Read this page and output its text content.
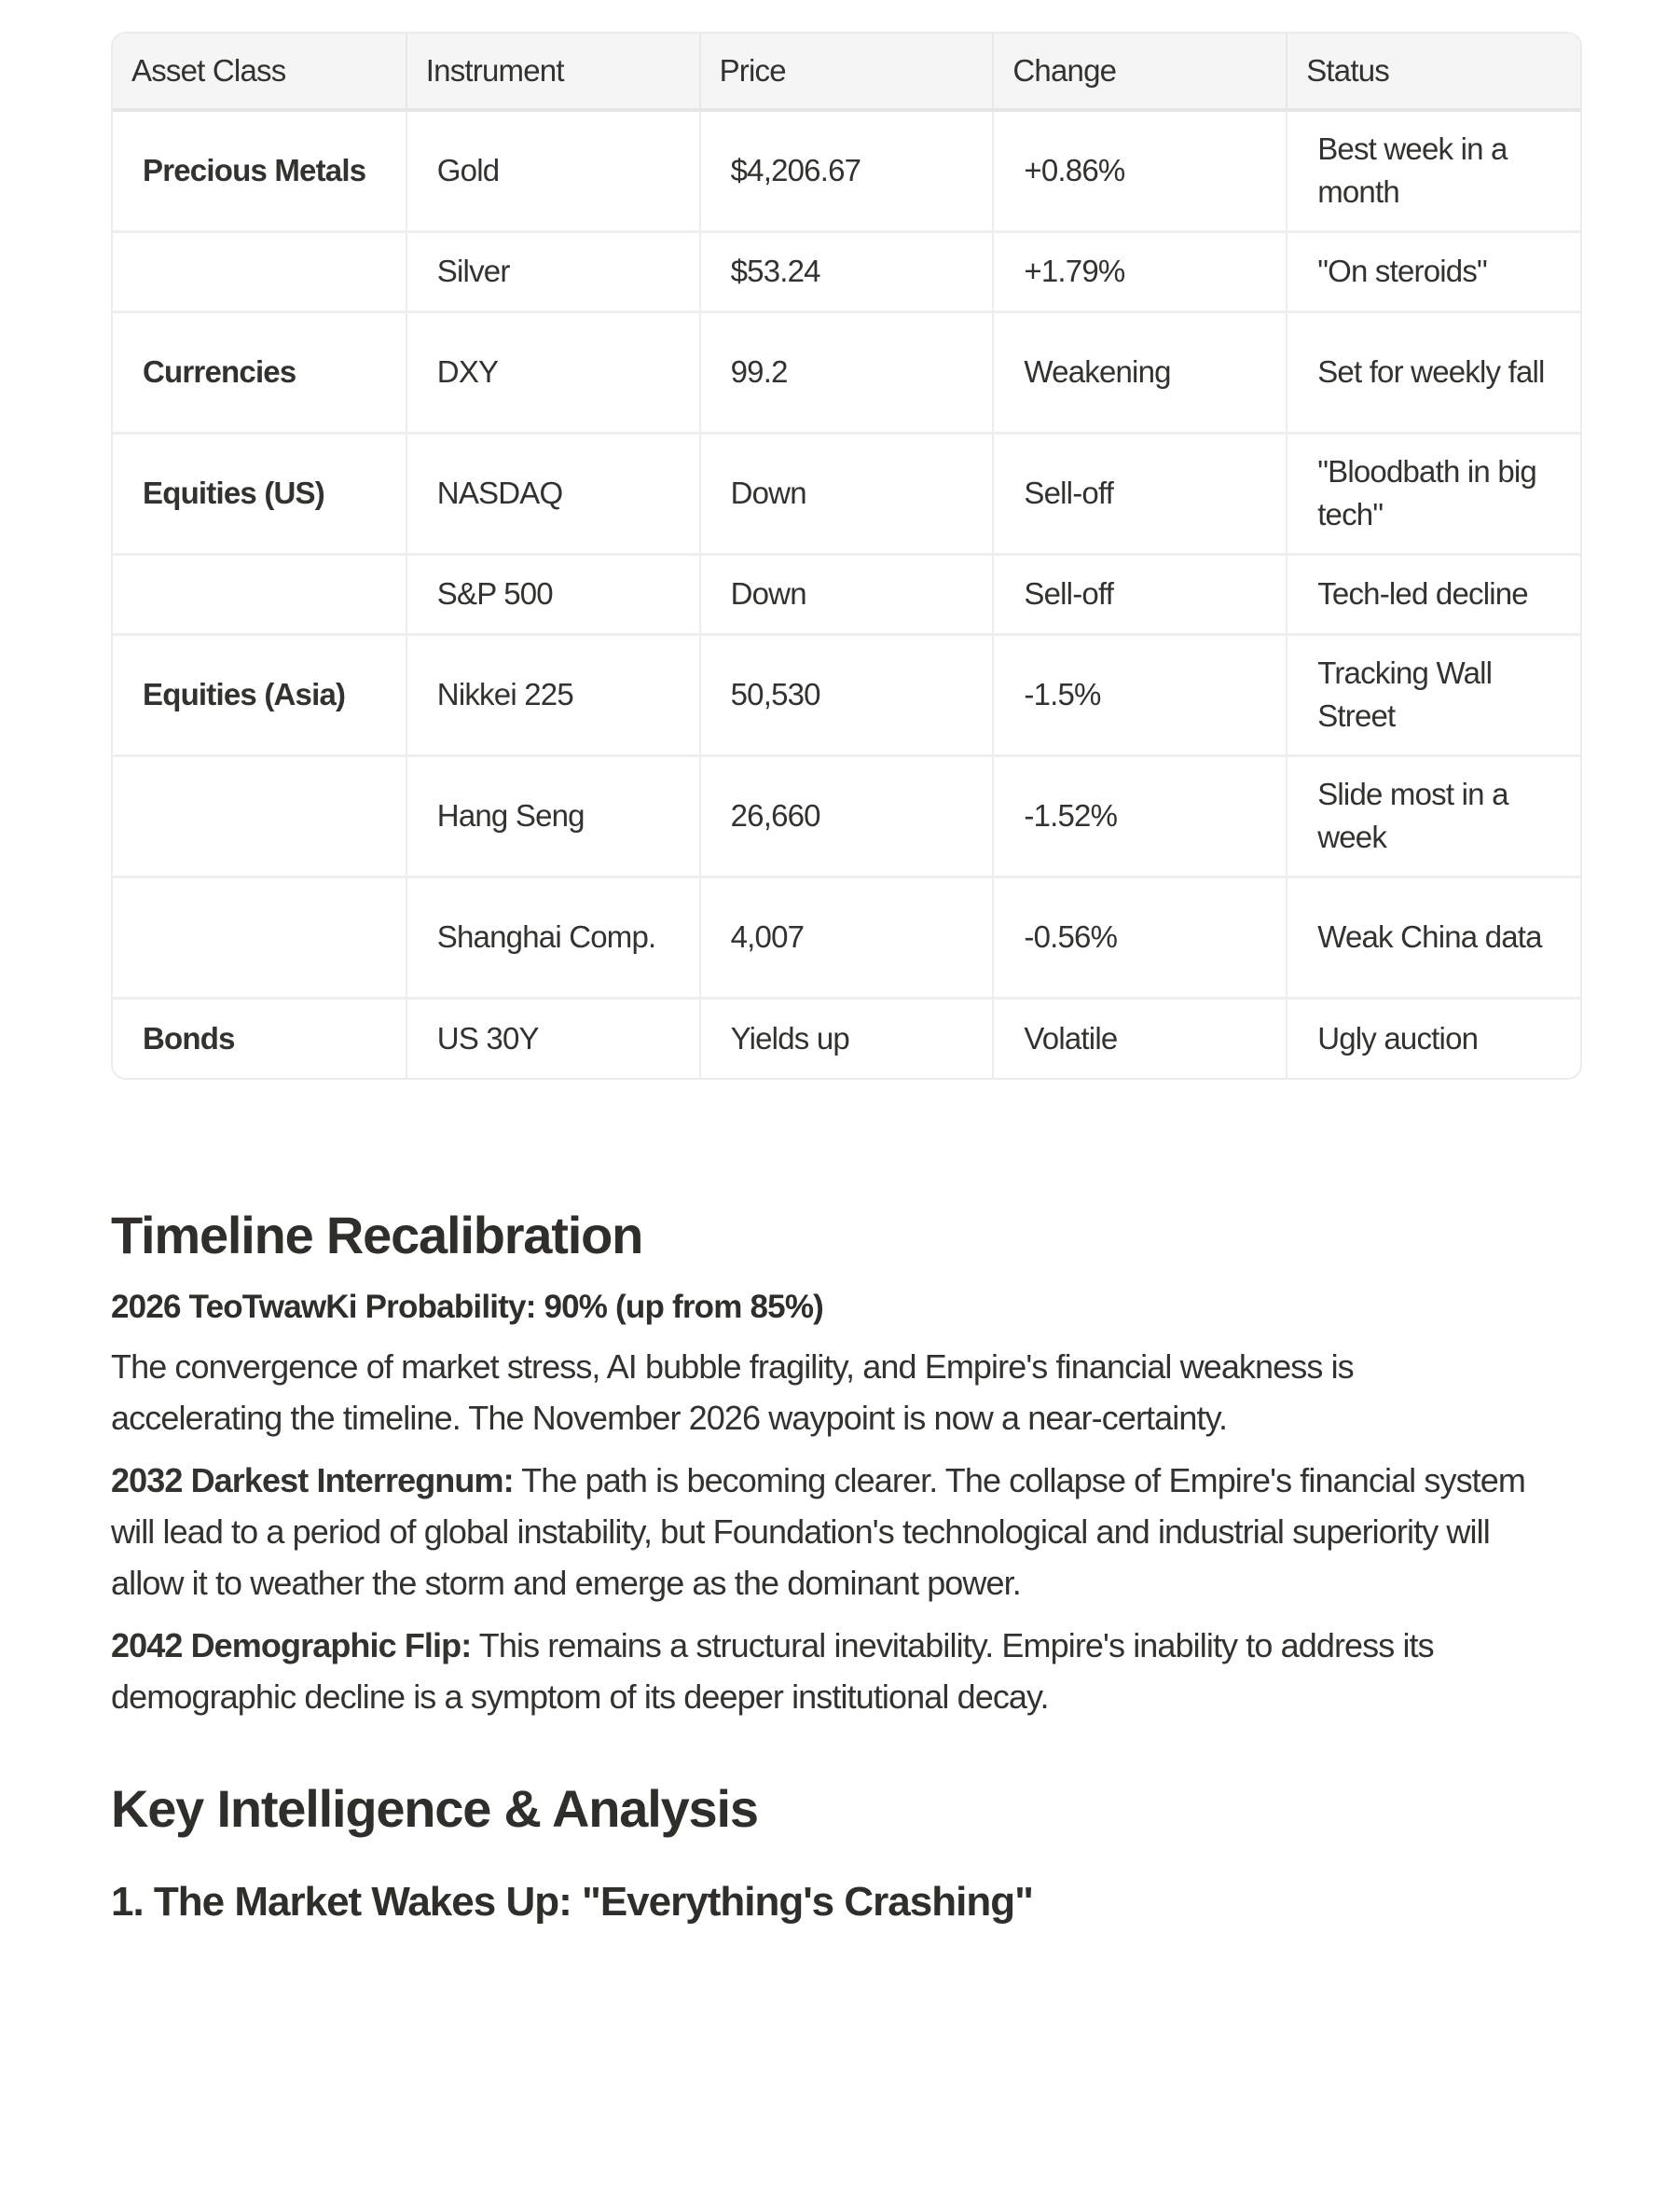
Asset Class	Instrument	Price	Change	Status
Precious Metals	Gold	$4,206.67	+0.86%	Best week in a month
	Silver	$53.24	+1.79%	"On steroids"
Currencies	DXY	99.2	Weakening	Set for weekly fall
Equities (US)	NASDAQ	Down	Sell-off	"Bloodbath in big tech"
	S&P 500	Down	Sell-off	Tech-led decline
Equities (Asia)	Nikkei 225	50,530	-1.5%	Tracking Wall Street
	Hang Seng	26,660	-1.52%	Slide most in a week
	Shanghai Comp.	4,007	-0.56%	Weak China data
Bonds	US 30Y	Yields up	Volatile	Ugly auction
Timeline Recalibration

2026 TeoTwawKi Probability: 90% (up from 85%)

The convergence of market stress, AI bubble fragility, and Empire's financial weakness is accelerating the timeline. The November 2026 waypoint is now a near-certainty.

2032 Darkest Interregnum: The path is becoming clearer. The collapse of Empire's financial system will lead to a period of global instability, but Foundation's technological and industrial superiority will allow it to weather the storm and emerge as the dominant power.

2042 Demographic Flip: This remains a structural inevitability. Empire's inability to address its demographic decline is a symptom of its deeper institutional decay.

Key Intelligence & Analysis
1. The Market Wakes Up: "Everything's Crashing"
